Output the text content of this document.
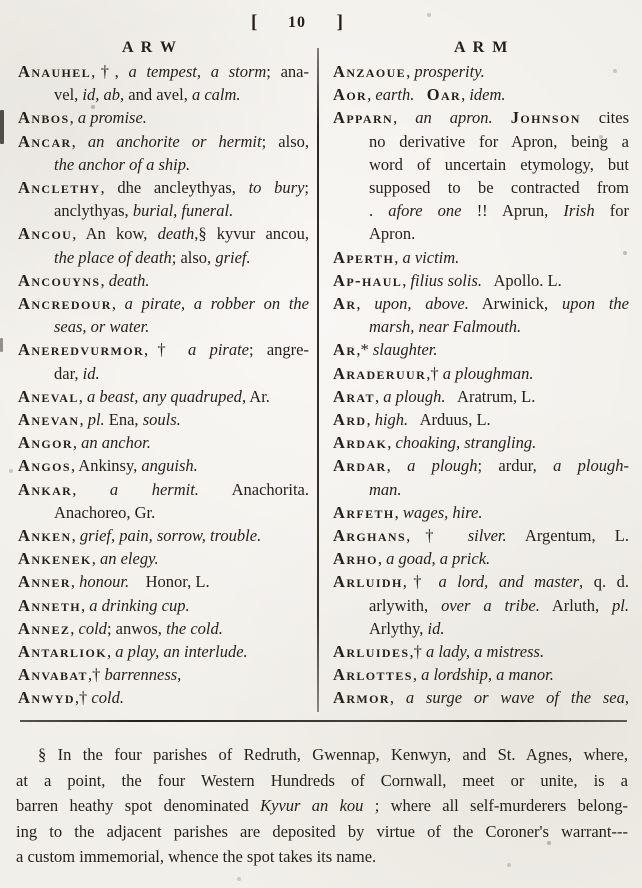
[ 10 ]
A R W	A R M
Anauhel,†, a tempest, a storm; ana-
vel, id, ab, and avel, a calm.
Anbos, a promise.
Ancar, an anchorite or hermit; also,
the anchor of a ship.
Anclethy, dhe ancleythyas, to bury;
anclythyas, burial, funeral.
Ancou, An kow, death,§ kyvur ancou,
the place of death; also, grief.
Ancouyns, death.
Ancredour, a pirate, a robber on the
seas, or water.
Aneredvurmor,† a pirate; angre-
dar, id.
Aneval, a beast, any quadruped, Ar.
Anevan, pl. Ena, souls.
Angor, an anchor.
Angos, Ankinsy, anguish.
Ankar, a hermit. Anachorita.
Anachoreo, Gr.
Anken, grief, pain, sorrow, trouble.
Ankenek, an elegy.
Anner, honour.    Honor, L.
Anneth, a drinking cup.
Annez, cold; anwos, the cold.
Antarliok, a play, an interlude.
Anvabat,† barrenness,
Anwyd,† cold.
Anzaoue, prosperity.
Aor, earth. Oar, idem.
Apparn, an apron. Johnson cites
no derivative for Apron, being a
word of uncertain etymology, but
supposed to be contracted from
. afore one !! Aprun, Irish for
Apron.
Aperth, a victim.
Ap-haul, filius solis.   Apollo. L.
Ar, upon, above. Arwinick, upon the
marsh, near Falmouth.
Ar,* slaughter.
Araderuur,† a ploughman.
Arat, a plough.   Aratrum, L.
Ard, high.   Arduus, L.
Ardak, choaking, strangling.
Ardar, a plough; ardur, a plough-
man.
Arfeth, wages, hire.
Arghans,† silver. Argentum, L.
Arho, a goad, a prick.
Arluidh,† a lord, and master, q. d.
arlywith, over a tribe. Arluth, pl.
Arlythy, id.
Arluides,† a lady, a mistress.
Arlottes, a lordship, a manor.
Armor, a surge or wave of the sea,
§ In the four parishes of Redruth, Gwennap, Kenwyn, and St. Agnes, where,
at a point, the four Western Hundreds of Cornwall, meet or unite, is a
barren heathy spot denominated Kyvur an kou ; where all self-murderers belong-
ing to the adjacent parishes are deposited by virtue of the Coroner's warrant---
a custom immemorial, whence the spot takes its name.
